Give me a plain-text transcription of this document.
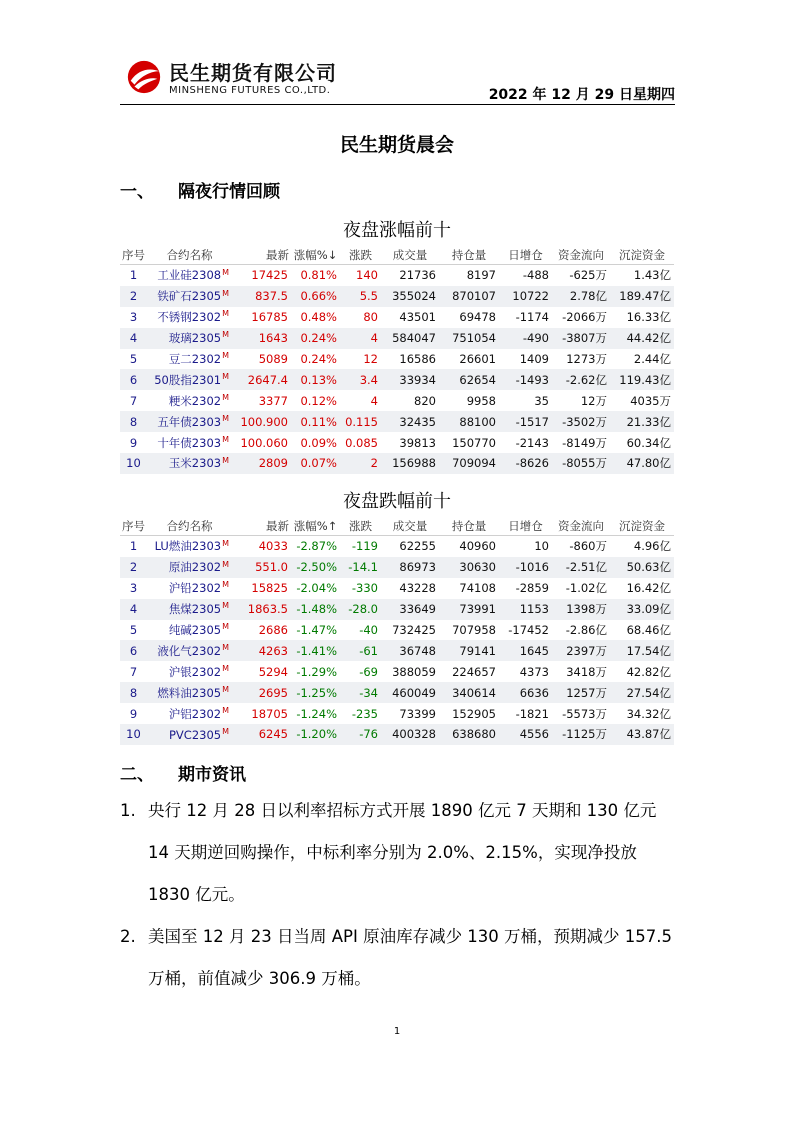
民生期货有限公司
MINSHENG FUTURES CO.,LTD.	2022 年 12 月 29 日星期四
民生期货晨会
一、 隔夜行情回顾
夜盘涨幅前十
序号	合约名称	最新	涨幅%↓	涨跌	成交量	持仓量	日增仓	资金流向	沉淀资金
1	工业硅$2308^M$	17425	0.81%	140	21736	8197	-488	-625万	1.43亿
2	铁矿石$2305^M$	837.5	0.66%	5.5	355024	870107	10722	2.78亿	189.47亿
3	不锈钢$2302^M$	16785	0.48%	80	43501	69478	-1174	-2066万	16.33亿
4	玻璃$2305^M$	1643	0.24%	4	584047	751054	-490	-3807万	44.42亿
5	豆二$2302^M$	5089	0.24%	12	16586	26601	1409	1273万	2.44亿
6	50股指$2301^M$	2647.4	0.13%	3.4	33934	62654	-1493	-2.62亿	119.43亿
7	粳米$2302^M$	3377	0.12%	4	820	9958	35	12万	4035万
8	五年债$2303^M$	100.900	0.11%	0.115	32435	88100	-1517	-3502万	21.33亿
9	十年债$2303^M$	100.060	0.09%	0.085	39813	150770	-2143	-8149万	60.34亿
10	玉米$2303^M$	2809	0.07%	2	156988	709094	-8626	-8055万	47.80亿
夜盘跌幅前十
序号	合约名称	最新	涨幅%↑	涨跌	成交量	持仓量	日增仓	资金流向	沉淀资金
1	LU燃油$2303^M$	4033	-2.87%	-119	62255	40960	10	-860万	4.96亿
2	原油$2302^M$	551.0	-2.50%	-14.1	86973	30630	-1016	-2.51亿	50.63亿
3	沪铅$2302^M$	15825	-2.04%	-330	43228	74108	-2859	-1.02亿	16.42亿
4	焦煤$2305^M$	1863.5	-1.48%	-28.0	33649	73991	1153	1398万	33.09亿
5	纯碱$2305^M$	2686	-1.47%	-40	732425	707958	-17452	-2.86亿	68.46亿
6	液化气$2302^M$	4263	-1.41%	-61	36748	79141	1645	2397万	17.54亿
7	沪银$2302^M$	5294	-1.29%	-69	388059	224657	4373	3418万	42.82亿
8	燃料油$2305^M$	2695	-1.25%	-34	460049	340614	6636	1257万	27.54亿
9	沪铝$2302^M$	18705	-1.24%	-235	73399	152905	-1821	-5573万	34.32亿
10	$PVC2305^M$	6245	-1.20%	-76	400328	638680	4556	-1125万	43.87亿
二、 期市资讯
1. 央行 12 月 28 日以利率招标方式开展 1890 亿元 7 天期和 130 亿元 14 天期逆回购操作，中标利率分别为 2.0%、2.15%，实现净投放 1830 亿元。
2. 美国至 12 月 23 日当周 API 原油库存减少 130 万桶，预期减少 157.5 万桶，前值减少 306.9 万桶。
1
